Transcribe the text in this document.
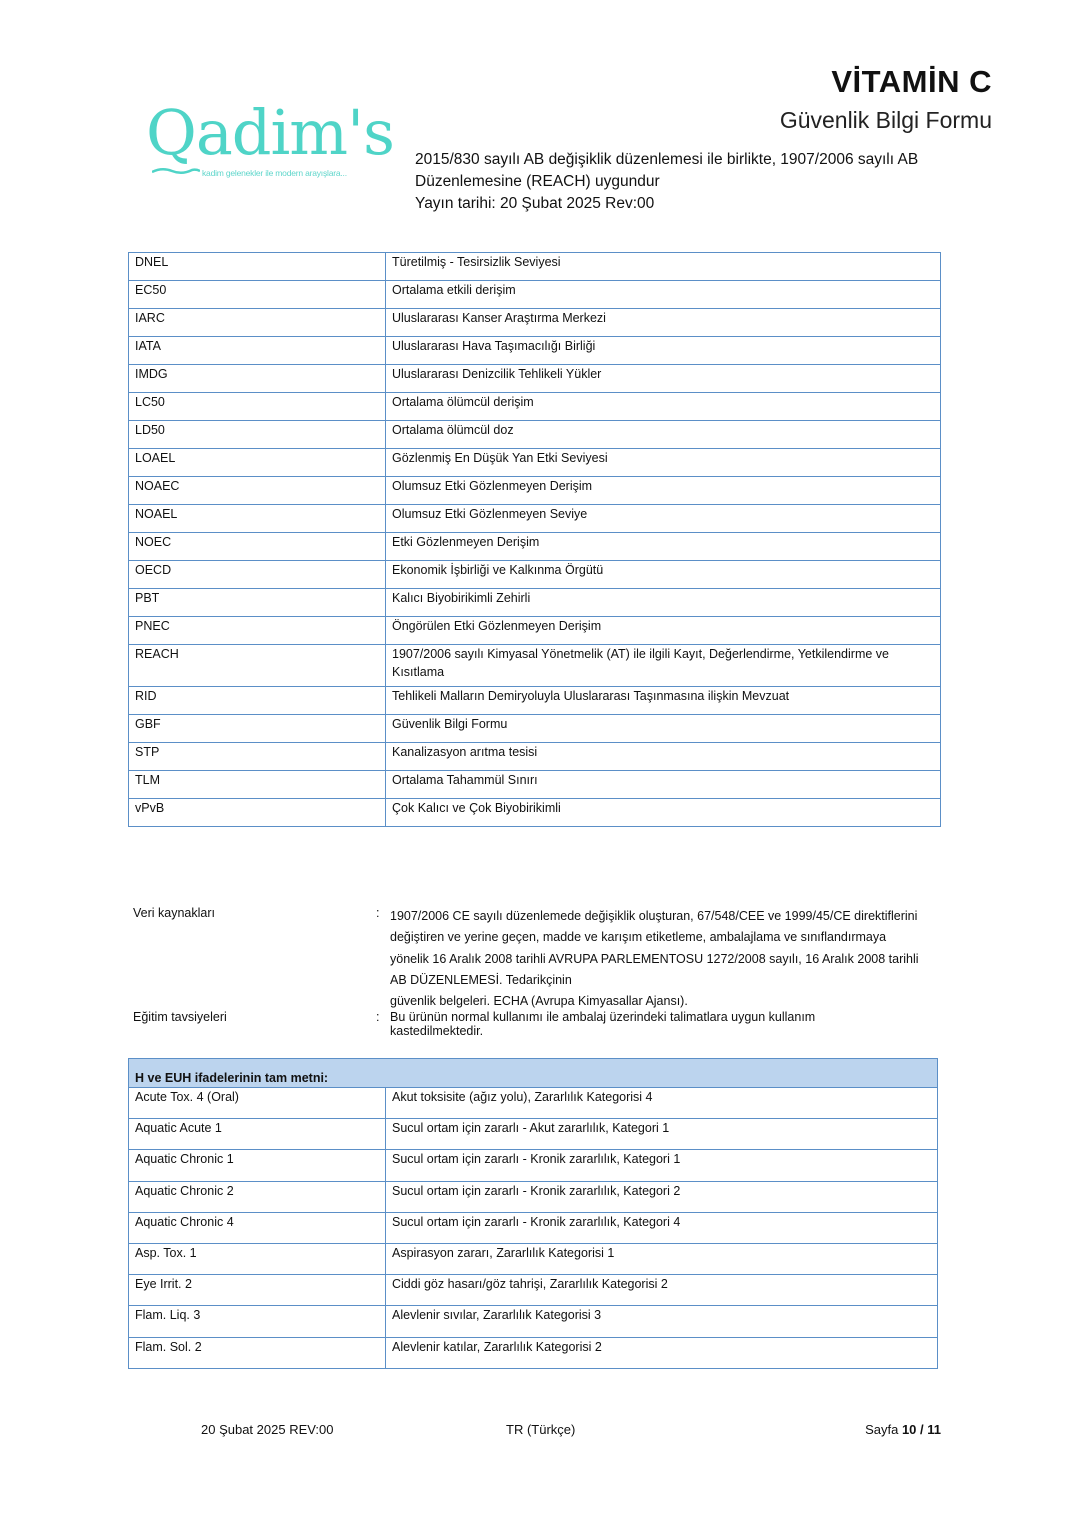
Qadim's
kadim gelenekler ile modern arayışlara...
VİTAMİN C
Güvenlik Bilgi Formu
2015/830 sayılı AB değişiklik düzenlemesi ile birlikte, 1907/2006 sayılı AB
Düzenlemesine (REACH) uygundur
Yayın tarihi: 20 Şubat 2025 Rev:00
DNEL	Türetilmiş - Tesirsizlik Seviyesi
EC50	Ortalama etkili derişim
IARC	Uluslararası Kanser Araştırma Merkezi
IATA	Uluslararası Hava Taşımacılığı Birliği
IMDG	Uluslararası Denizcilik Tehlikeli Yükler
LC50	Ortalama ölümcül derişim
LD50	Ortalama ölümcül doz
LOAEL	Gözlenmiş En Düşük Yan Etki Seviyesi
NOAEC	Olumsuz Etki Gözlenmeyen Derişim
NOAEL	Olumsuz Etki Gözlenmeyen Seviye
NOEC	Etki Gözlenmeyen Derişim
OECD	Ekonomik İşbirliği ve Kalkınma Örgütü
PBT	Kalıcı Biyobirikimli Zehirli
PNEC	Öngörülen Etki Gözlenmeyen Derişim
REACH	1907/2006 sayılı Kimyasal Yönetmelik (AT) ile ilgili Kayıt, Değerlendirme, Yetkilendirme ve Kısıtlama
RID	Tehlikeli Malların Demiryoluyla Uluslararası Taşınmasına ilişkin Mevzuat
GBF	Güvenlik Bilgi Formu
STP	Kanalizasyon arıtma tesisi
TLM	Ortalama Tahammül Sınırı
vPvB	Çok Kalıcı ve Çok Biyobirikimli
Veri kaynakları	: 1907/2006 CE sayılı düzenlemede değişiklik oluşturan, 67/548/CEE ve 1999/45/CE direktiflerini
değiştiren ve yerine geçen, madde ve karışım etiketleme, ambalajlama ve sınıflandırmaya
yönelik 16 Aralık 2008 tarihli AVRUPA PARLEMENTOSU 1272/2008 sayılı, 16 Aralık 2008 tarihli
AB DÜZENLEMESİ. Tedarikçinin
güvenlik belgeleri. ECHA (Avrupa Kimyasallar Ajansı).
Eğitim tavsiyeleri	: Bu ürünün normal kullanımı ile ambalaj üzerindeki talimatlara uygun kullanım
kastedilmektedir.
H ve EUH ifadelerinin tam metni:	
Acute Tox. 4 (Oral)	Akut toksisite (ağız yolu), Zararlılık Kategorisi 4
Aquatic Acute 1	Sucul ortam için zararlı - Akut zararlılık, Kategori 1
Aquatic Chronic 1	Sucul ortam için zararlı - Kronik zararlılık, Kategori 1
Aquatic Chronic 2	Sucul ortam için zararlı - Kronik zararlılık, Kategori 2
Aquatic Chronic 4	Sucul ortam için zararlı - Kronik zararlılık, Kategori 4
Asp. Tox. 1	Aspirasyon zararı, Zararlılık Kategorisi 1
Eye Irrit. 2	Ciddi göz hasarı/göz tahrişi, Zararlılık Kategorisi 2
Flam. Liq. 3	Alevlenir sıvılar, Zararlılık Kategorisi 3
Flam. Sol. 2	Alevlenir katılar, Zararlılık Kategorisi 2
20 Şubat 2025 REV:00	TR (Türkçe)	Sayfa 10 / 11
